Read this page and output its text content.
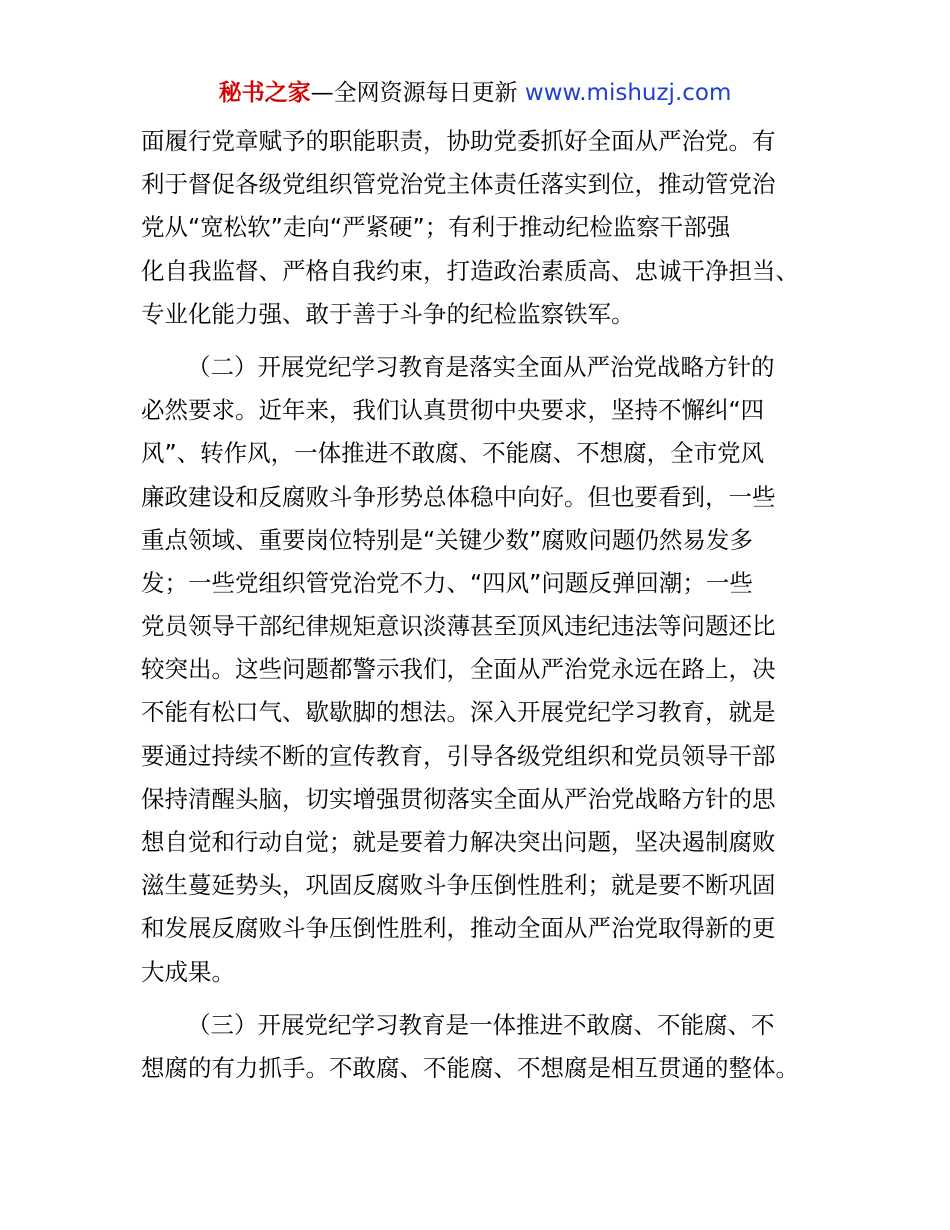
秘书之家—全网资源每日更新 www.mishuzj.com
面履行党章赋予的职能职责，协助党委抓好全面从严治党。有
利于督促各级党组织管党治党主体责任落实到位，推动管党治
党从“宽松软”走向“严紧硬”；有利于推动纪检监察干部强
化自我监督、严格自我约束，打造政治素质高、忠诚干净担当、
专业化能力强、敢于善于斗争的纪检监察铁军。
（二）开展党纪学习教育是落实全面从严治党战略方针的
必然要求。近年来，我们认真贯彻中央要求，坚持不懈纠“四
风”、转作风，一体推进不敢腐、不能腐、不想腐，全市党风
廉政建设和反腐败斗争形势总体稳中向好。但也要看到，一些
重点领域、重要岗位特别是“关键少数”腐败问题仍然易发多
发；一些党组织管党治党不力、“四风”问题反弹回潮；一些
党员领导干部纪律规矩意识淡薄甚至顶风违纪违法等问题还比
较突出。这些问题都警示我们，全面从严治党永远在路上，决
不能有松口气、歇歇脚的想法。深入开展党纪学习教育，就是
要通过持续不断的宣传教育，引导各级党组织和党员领导干部
保持清醒头脑，切实增强贯彻落实全面从严治党战略方针的思
想自觉和行动自觉；就是要着力解决突出问题，坚决遏制腐败
滋生蔓延势头，巩固反腐败斗争压倒性胜利；就是要不断巩固
和发展反腐败斗争压倒性胜利，推动全面从严治党取得新的更
大成果。
（三）开展党纪学习教育是一体推进不敢腐、不能腐、不
想腐的有力抓手。不敢腐、不能腐、不想腐是相互贯通的整体。
